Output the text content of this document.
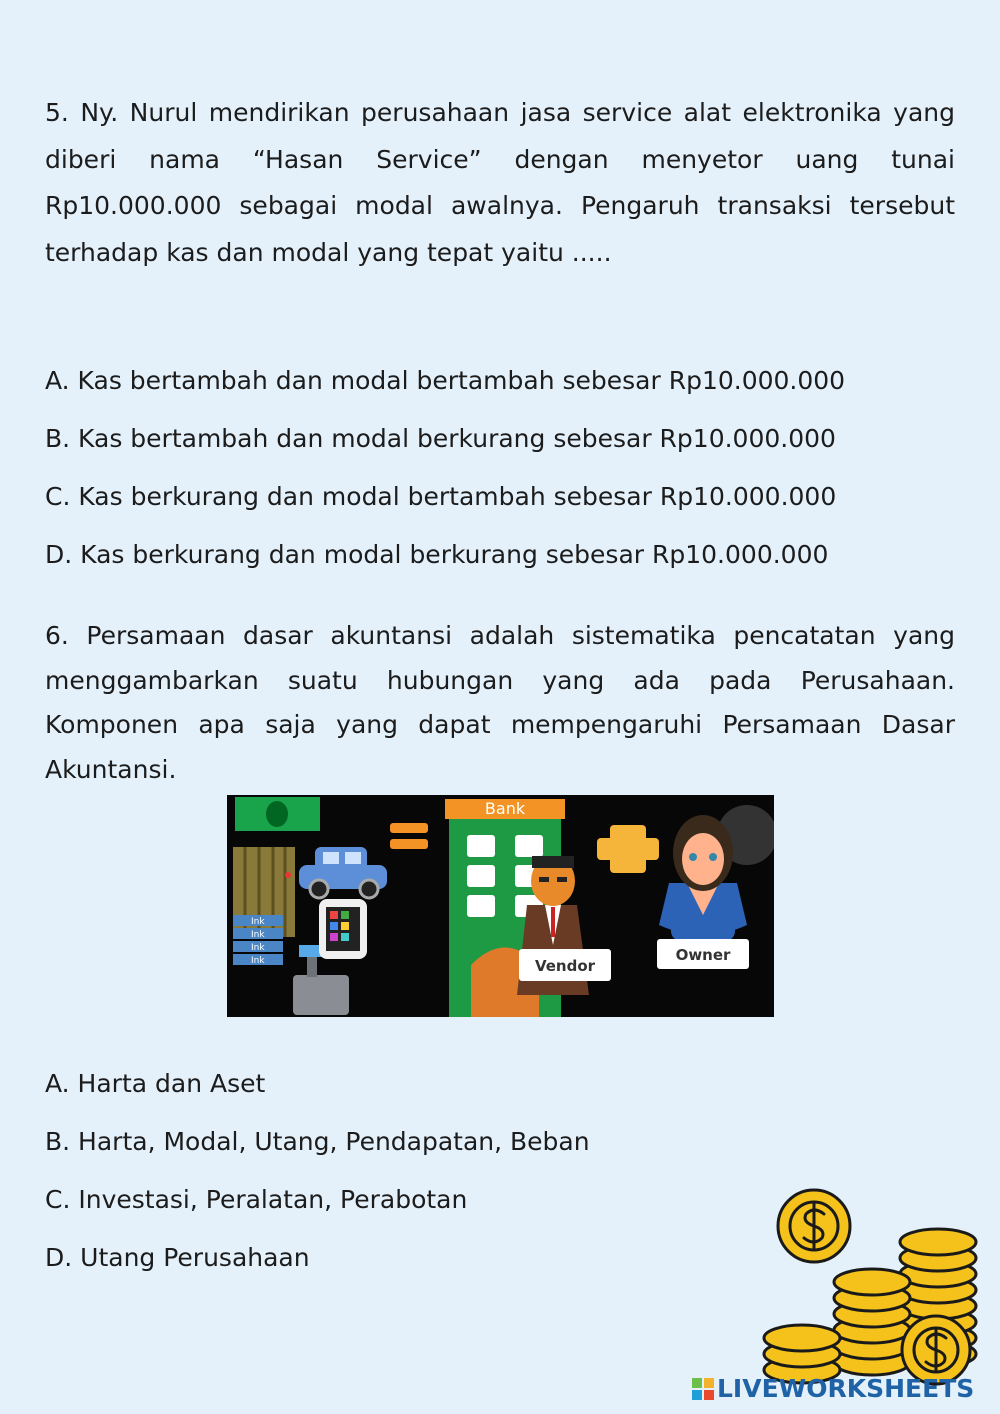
5. Ny. Nurul mendirikan perusahaan jasa service alat elektronika yang diberi nama “Hasan Service” dengan menyetor uang tunai Rp10.000.000 sebagai modal awalnya. Pengaruh transaksi tersebut terhadap kas dan modal yang tepat yaitu .....

A. Kas bertambah dan modal bertambah sebesar Rp10.000.000

B. Kas bertambah dan modal berkurang sebesar Rp10.000.000

C. Kas berkurang dan modal bertambah sebesar Rp10.000.000

D. Kas berkurang dan modal berkurang sebesar Rp10.000.000

6. Persamaan dasar akuntansi adalah sistematika pencatatan yang menggambarkan suatu hubungan yang ada pada Perusahaan. Komponen apa saja yang dapat mempengaruhi Persamaan Dasar Akuntansi.

Ink
Ink
Ink
Ink
Bank
Vendor
Owner

A. Harta dan Aset

B. Harta, Modal, Utang, Pendapatan, Beban

C. Investasi, Peralatan, Perabotan

D. Utang Perusahaan

LIVEWORKSHEETS
